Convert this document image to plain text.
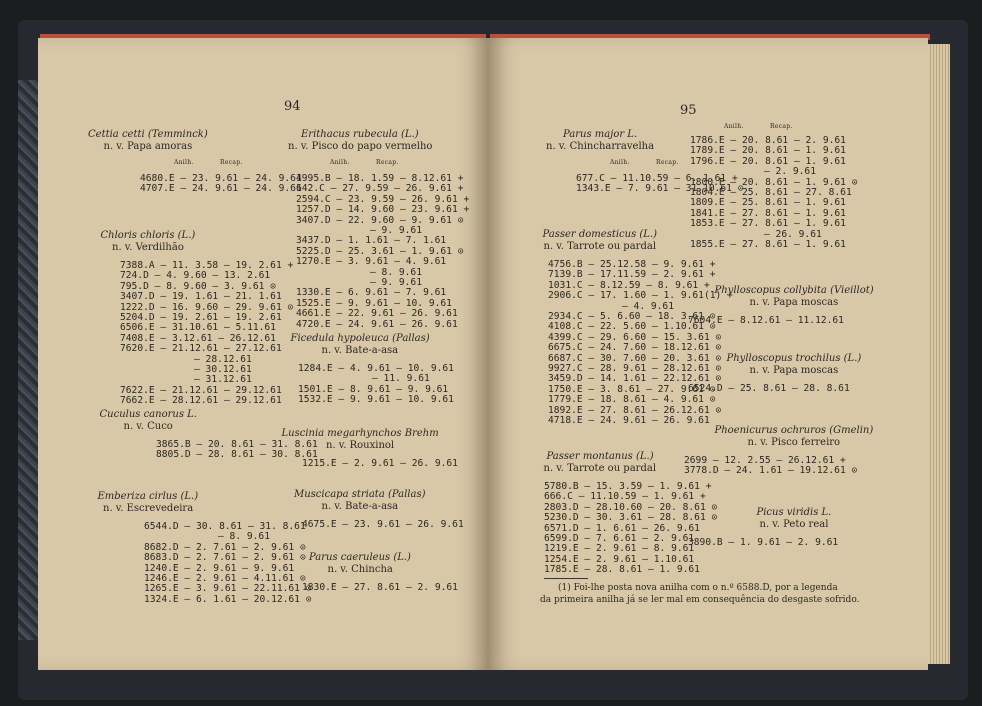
94
Cettia cetti (Temminck)
n. v. Papa amoras
Anilh.	Recap.
4680.E — 23. 9.61 — 24. 9.61
4707.E — 24. 9.61 — 24. 9.61
Chloris chloris (L.)
n. v. Verdilhão
7388.A — 11. 3.58 — 19. 2.61 +
724.D — 4. 9.60 — 13. 2.61
795.D — 8. 9.60 — 3. 9.61 ⊙
3407.D — 19. 1.61 — 21. 1.61
1222.D — 16. 9.60 — 29. 9.61 ⊙
5204.D — 19. 2.61 — 19. 2.61
6506.E — 31.10.61 — 5.11.61
7408.E — 3.12.61 — 26.12.61
7620.E — 21.12.61 — 27.12.61
— 28.12.61
— 30.12.61
— 31.12.61
7622.E — 21.12.61 — 29.12.61
7662.E — 28.12.61 — 29.12.61
Cuculus canorus L.
n. v. Cuco
3865.B — 20. 8.61 — 31. 8.61
8805.D — 28. 8.61 — 30. 8.61
Emberiza cirlus (L.)
n. v. Escrevedeira
6544.D — 30. 8.61 — 31. 8.61
— 8. 9.61
8682.D — 2. 7.61 — 2. 9.61 ⊙
8683.D — 2. 7.61 — 2. 9.61 ⊙
1240.E — 2. 9.61 — 9. 9.61
1246.E — 2. 9.61 — 4.11.61 ⊙
1265.E — 3. 9.61 — 22.11.61 ⊙
1324.E — 6. 1.61 — 20.12.61 ⊙
Erithacus rubecula (L.)
n. v. Pisco do papo vermelho
Anilh.	Recap.
4995.B — 18. 1.59 — 8.12.61 +
642.C — 27. 9.59 — 26. 9.61 +
2594.C — 23. 9.59 — 26. 9.61 +
1257.D — 14. 9.60 — 23. 9.61 +
3407.D — 22. 9.60 — 9. 9.61 ⊙
— 9. 9.61
3437.D — 1. 1.61 — 7. 1.61
5225.D — 25. 3.61 — 1. 9.61 ⊙
1270.E — 3. 9.61 — 4. 9.61
— 8. 9.61
— 9. 9.61
1330.E — 6. 9.61 — 7. 9.61
1525.E — 9. 9.61 — 10. 9.61
4661.E — 22. 9.61 — 26. 9.61
4720.E — 24. 9.61 — 26. 9.61
Ficedula hypoleuca (Pallas)
n. v. Bate-a-asa
1284.E — 4. 9.61 — 10. 9.61
— 11. 9.61
1501.E — 8. 9.61 — 9. 9.61
1532.E — 9. 9.61 — 10. 9.61
Luscinia megarhynchos Brehm
n. v. Rouxinol
1215.E — 2. 9.61 — 26. 9.61
Muscicapa striata (Pallas)
n. v. Bate-a-asa
4675.E — 23. 9.61 — 26. 9.61
Parus caeruleus (L.)
n. v. Chincha
1830.E — 27. 8.61 — 2. 9.61
95
(1) Foi-lhe posta nova anilha com o n.º 6588.D, por a legenda
da primeira anilha já se ler mal em consequência do desgaste sofrido.
Parus major L.
n. v. Chincharravelha
Anilh.	Recap.
677.C — 11.10.59 — 6. 1.61 +
1343.E — 7. 9.61 — 31.10.61 ⊙
Passer domesticus (L.)
n. v. Tarrote ou pardal
4756.B — 25.12.58 — 9. 9.61 +
7139.B — 17.11.59 — 2. 9.61 +
1031.C — 8.12.59 — 8. 9.61 +
2906.C — 17. 1.60 — 1. 9.61(1) +
— 4. 9.61
2934.C — 5. 6.60 — 18. 3.61 ⊙
4108.C — 22. 5.60 — 1.10.61 ⊙
4399.C — 29. 6.60 — 15. 3.61 ⊙
6675.C — 24. 7.60 — 18.12.61 ⊙
6687.C — 30. 7.60 — 20. 3.61 ⊙
9927.C — 28. 9.61 — 28.12.61 ⊙
3459.D — 14. 1.61 — 22.12.61 ⊙
1750.E — 3. 8.61 — 27. 9.61 ⊙
1779.E — 18. 8.61 — 4. 9.61 ⊙
1892.E — 27. 8.61 — 26.12.61 ⊙
4718.E — 24. 9.61 — 26. 9.61
Passer montanus (L.)
n. v. Tarrote ou pardal
5780.B — 15. 3.59 — 1. 9.61 +
666.C — 11.10.59 — 1. 9.61 +
2803.D — 28.10.60 — 20. 8.61 ⊙
5230.D — 30. 3.61 — 28. 8.61 ⊙
6571.D — 1. 6.61 — 26. 9.61
6599.D — 7. 6.61 — 2. 9.61
1219.E — 2. 9.61 — 8. 9.61
1254.E — 2. 9.61 — 1.10.61
1785.E — 28. 8.61 — 1. 9.61
Anilh.	Recap.
1786.E — 20. 8.61 — 2. 9.61
1789.E — 20. 8.61 — 1. 9.61
1796.E — 20. 8.61 — 1. 9.61
— 2. 9.61
1800.E — 20. 8.61 — 1. 9.61 ⊙
1804.E — 25. 8.61 — 27. 8.61
1809.E — 25. 8.61 — 1. 9.61
1841.E — 27. 8.61 — 1. 9.61
1853.E — 27. 8.61 — 1. 9.61
— 26. 9.61
1855.E — 27. 8.61 — 1. 9.61
Phylloscopus collybita (Vieillot)
n. v. Papa moscas
7604.E — 8.12.61 — 11.12.61
Phylloscopus trochilus (L.)
n. v. Papa moscas
6524.D — 25. 8.61 — 28. 8.61
Phoenicurus ochruros (Gmelin)
n. v. Pisco ferreiro
2699 — 12. 2.55 — 26.12.61 +
3778.D — 24. 1.61 — 19.12.61 ⊙
Picus viridis L.
n. v. Peto real
3890.B — 1. 9.61 — 2. 9.61
